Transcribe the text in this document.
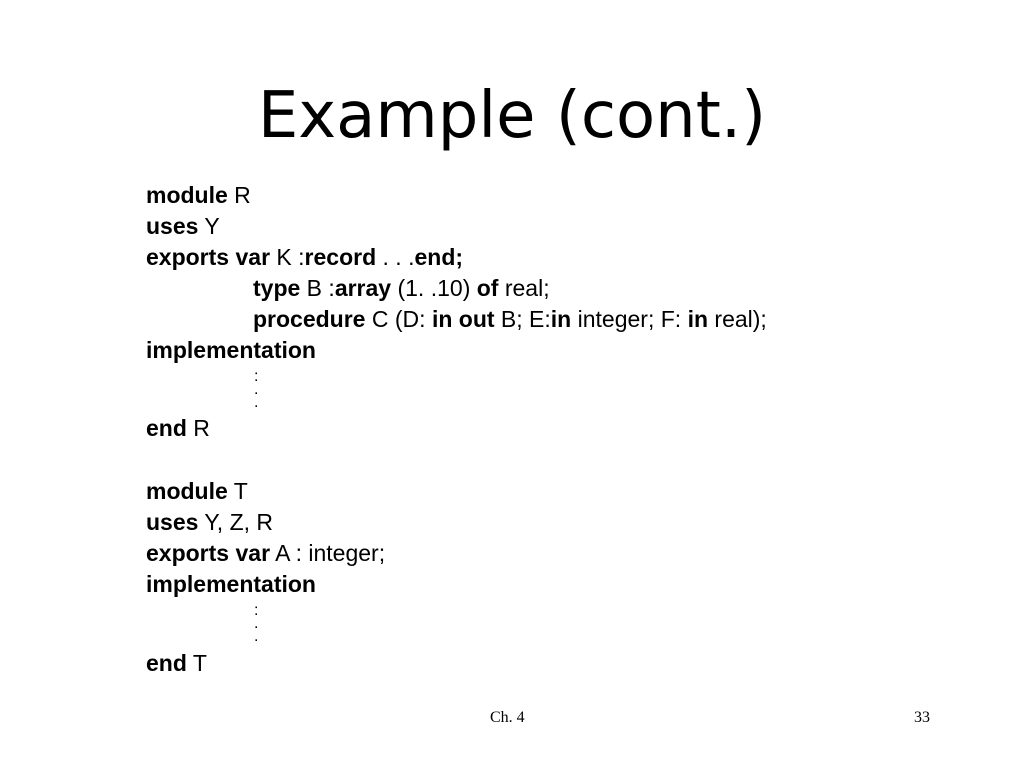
Example (cont.)
module R
uses Y
exports var K :record . . .end;
type B :array (1. .10) of real;
procedure C (D: in out B; E:in integer; F: in real);
implementation
:
.
.
end R
module T
uses Y, Z, R
exports var A : integer;
implementation
:
.
.
end T
Ch. 4	33
